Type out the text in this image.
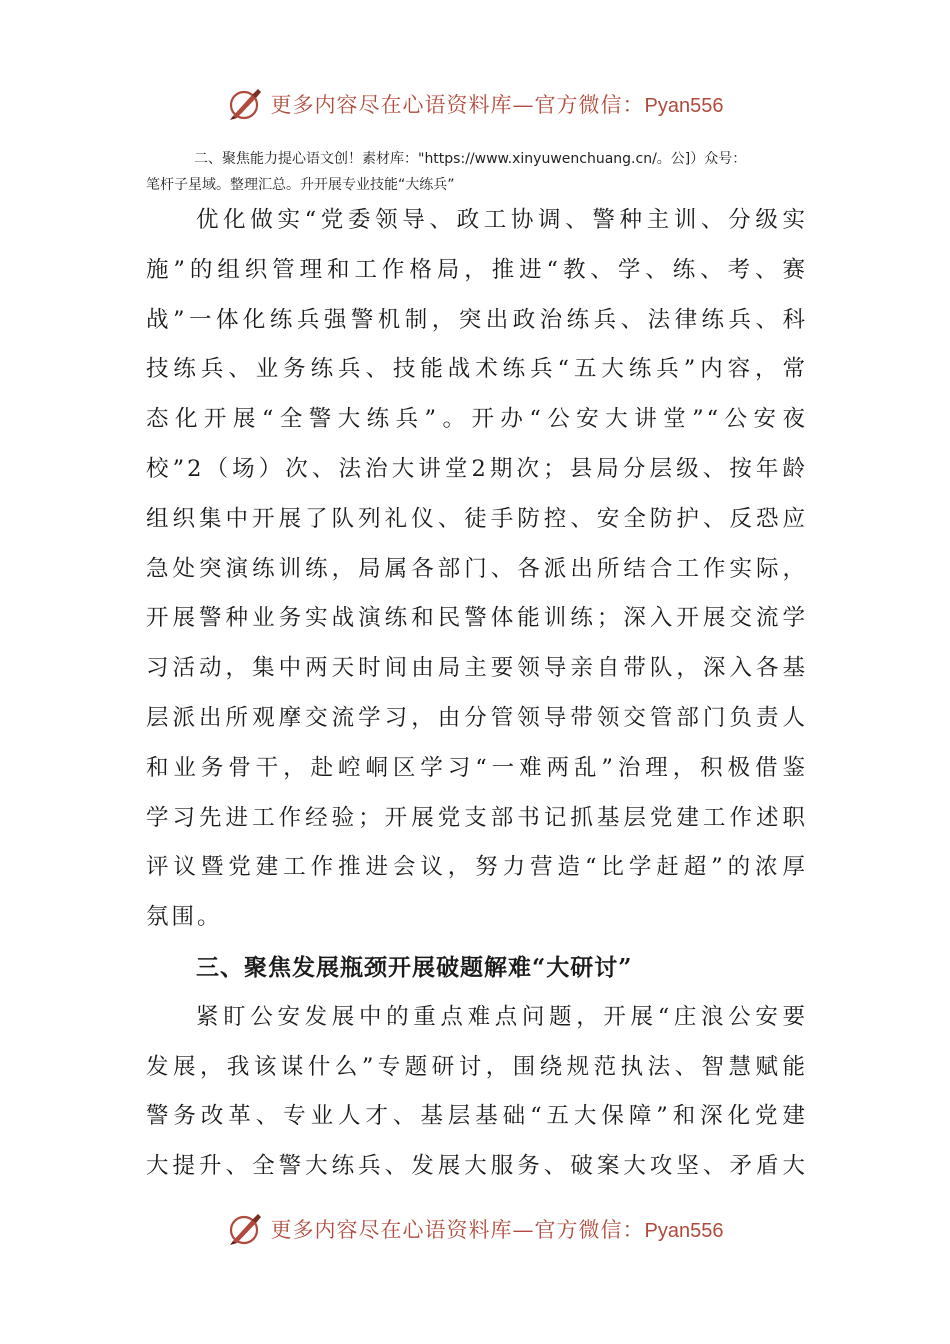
更多内容尽在心语资料库—官方微信：Pyan556
二、聚焦能力提心语文创！素材库："https://www.xinyuwenchuang.cn/。公]）众号：
笔杆子星域。整理汇总。升开展专业技能“大练兵”

优化做实“党委领导、政工协调、警种主训、分级实
施”的组织管理和工作格局，推进“教、学、练、考、赛
战”一体化练兵强警机制，突出政治练兵、法律练兵、科
技练兵、业务练兵、技能战术练兵“五大练兵”内容，常
态化开展“全警大练兵”。开办“公安大讲堂”“公安夜
校”2（场）次、法治大讲堂2期次；县局分层级、按年龄
组织集中开展了队列礼仪、徒手防控、安全防护、反恐应
急处突演练训练，局属各部门、各派出所结合工作实际，
开展警种业务实战演练和民警体能训练；深入开展交流学
习活动，集中两天时间由局主要领导亲自带队，深入各基
层派出所观摩交流学习，由分管领导带领交管部门负责人
和业务骨干，赴崆峒区学习“一难两乱”治理，积极借鉴
学习先进工作经验；开展党支部书记抓基层党建工作述职
评议暨党建工作推进会议，努力营造“比学赶超”的浓厚
氛围。

三、聚焦发展瓶颈开展破题解难“大研讨”

紧盯公安发展中的重点难点问题，开展“庄浪公安要
发展，我该谋什么”专题研讨，围绕规范执法、智慧赋能
警务改革、专业人才、基层基础“五大保障”和深化党建
大提升、全警大练兵、发展大服务、破案大攻坚、矛盾大

更多内容尽在心语资料库—官方微信：Pyan556
